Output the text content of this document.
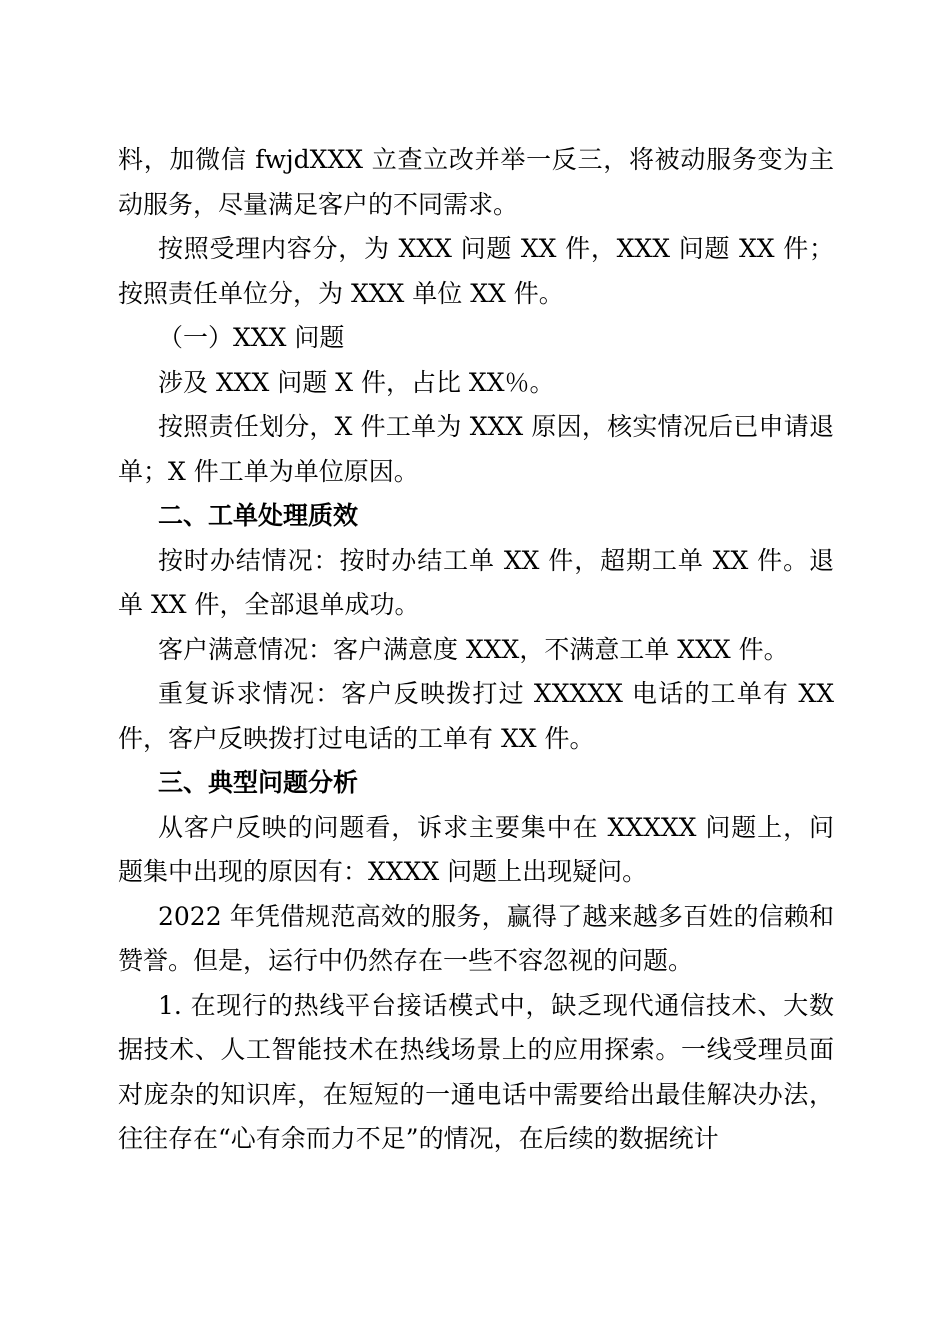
料，加微信 fwjdXXX 立查立改并举一反三，将被动服务变为主动服务，尽量满足客户的不同需求。

按照受理内容分，为 XXX 问题 XX 件，XXX 问题 XX 件；按照责任单位分，为 XXX 单位 XX 件。

（一）XXX 问题

涉及 XXX 问题 X 件，占比 XX％。

按照责任划分，X 件工单为 XXX 原因，核实情况后已申请退单；X 件工单为单位原因。

二、工单处理质效

按时办结情况：按时办结工单 XX 件，超期工单 XX 件。退单 XX 件，全部退单成功。

客户满意情况：客户满意度 XXX，不满意工单 XXX 件。

重复诉求情况：客户反映拨打过 XXXXX 电话的工单有 XX 件，客户反映拨打过电话的工单有 XX 件。

三、典型问题分析

从客户反映的问题看，诉求主要集中在 XXXXX 问题上，问题集中出现的原因有：XXXX 问题上出现疑问。

2022 年凭借规范高效的服务，赢得了越来越多百姓的信赖和赞誉。但是，运行中仍然存在一些不容忽视的问题。

1. 在现行的热线平台接话模式中，缺乏现代通信技术、大数据技术、人工智能技术在热线场景上的应用探索。一线受理员面对庞杂的知识库，在短短的一通电话中需要给出最佳解决办法，往往存在“心有余而力不足”的情况，在后续的数据统计
